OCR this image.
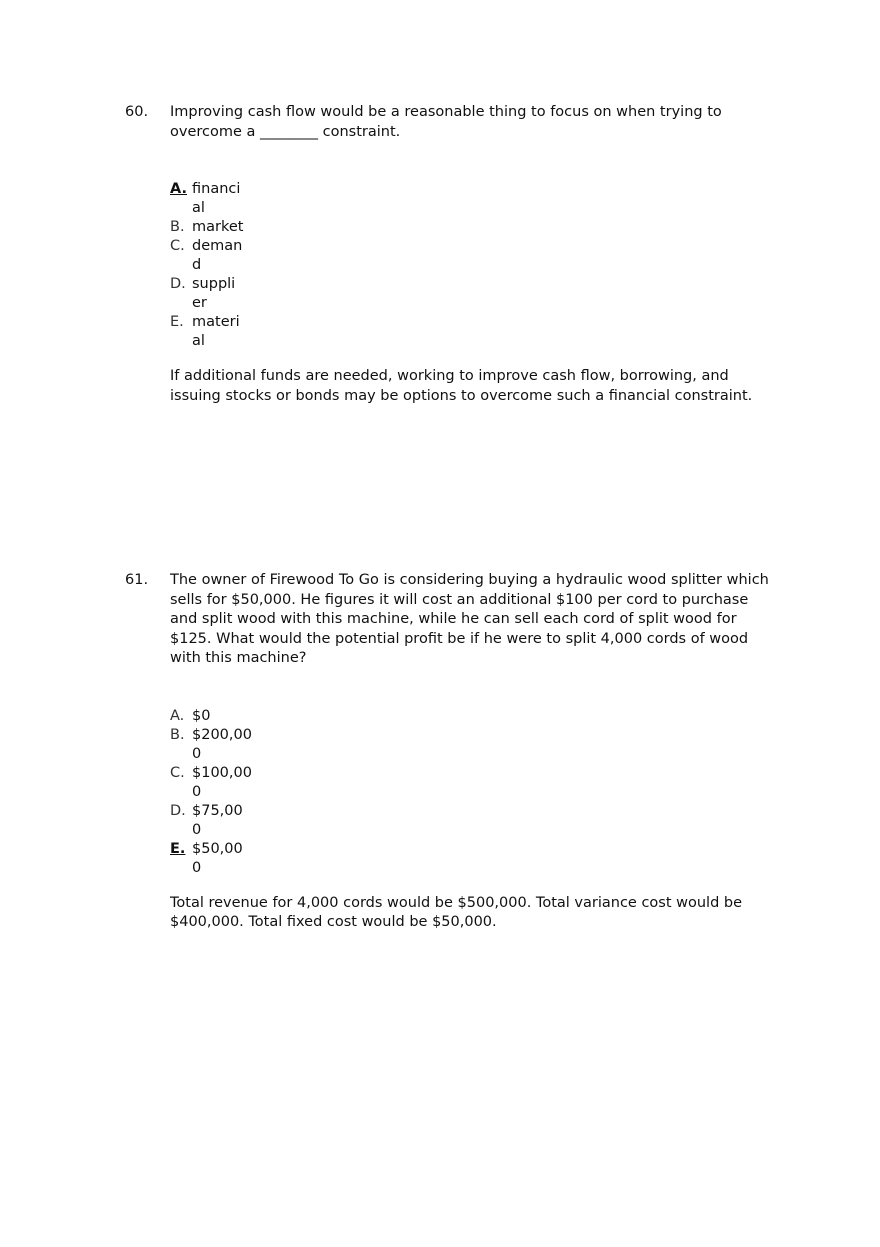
60. Improving cash flow would be a reasonable thing to focus on when trying to overcome a ________ constraint.
A. financial
B. market
C. demand
D. supplier
E. material
If additional funds are needed, working to improve cash flow, borrowing, and issuing stocks or bonds may be options to overcome such a financial constraint.
61. The owner of Firewood To Go is considering buying a hydraulic wood splitter which sells for $50,000. He figures it will cost an additional $100 per cord to purchase and split wood with this machine, while he can sell each cord of split wood for $125. What would the potential profit be if he were to split 4,000 cords of wood with this machine?
A. $0
$200,000
B.
C. $100,000
D. $75,000
E. $50,000
Total revenue for 4,000 cords would be $500,000. Total variance cost would be $400,000. Total fixed cost would be $50,000.
